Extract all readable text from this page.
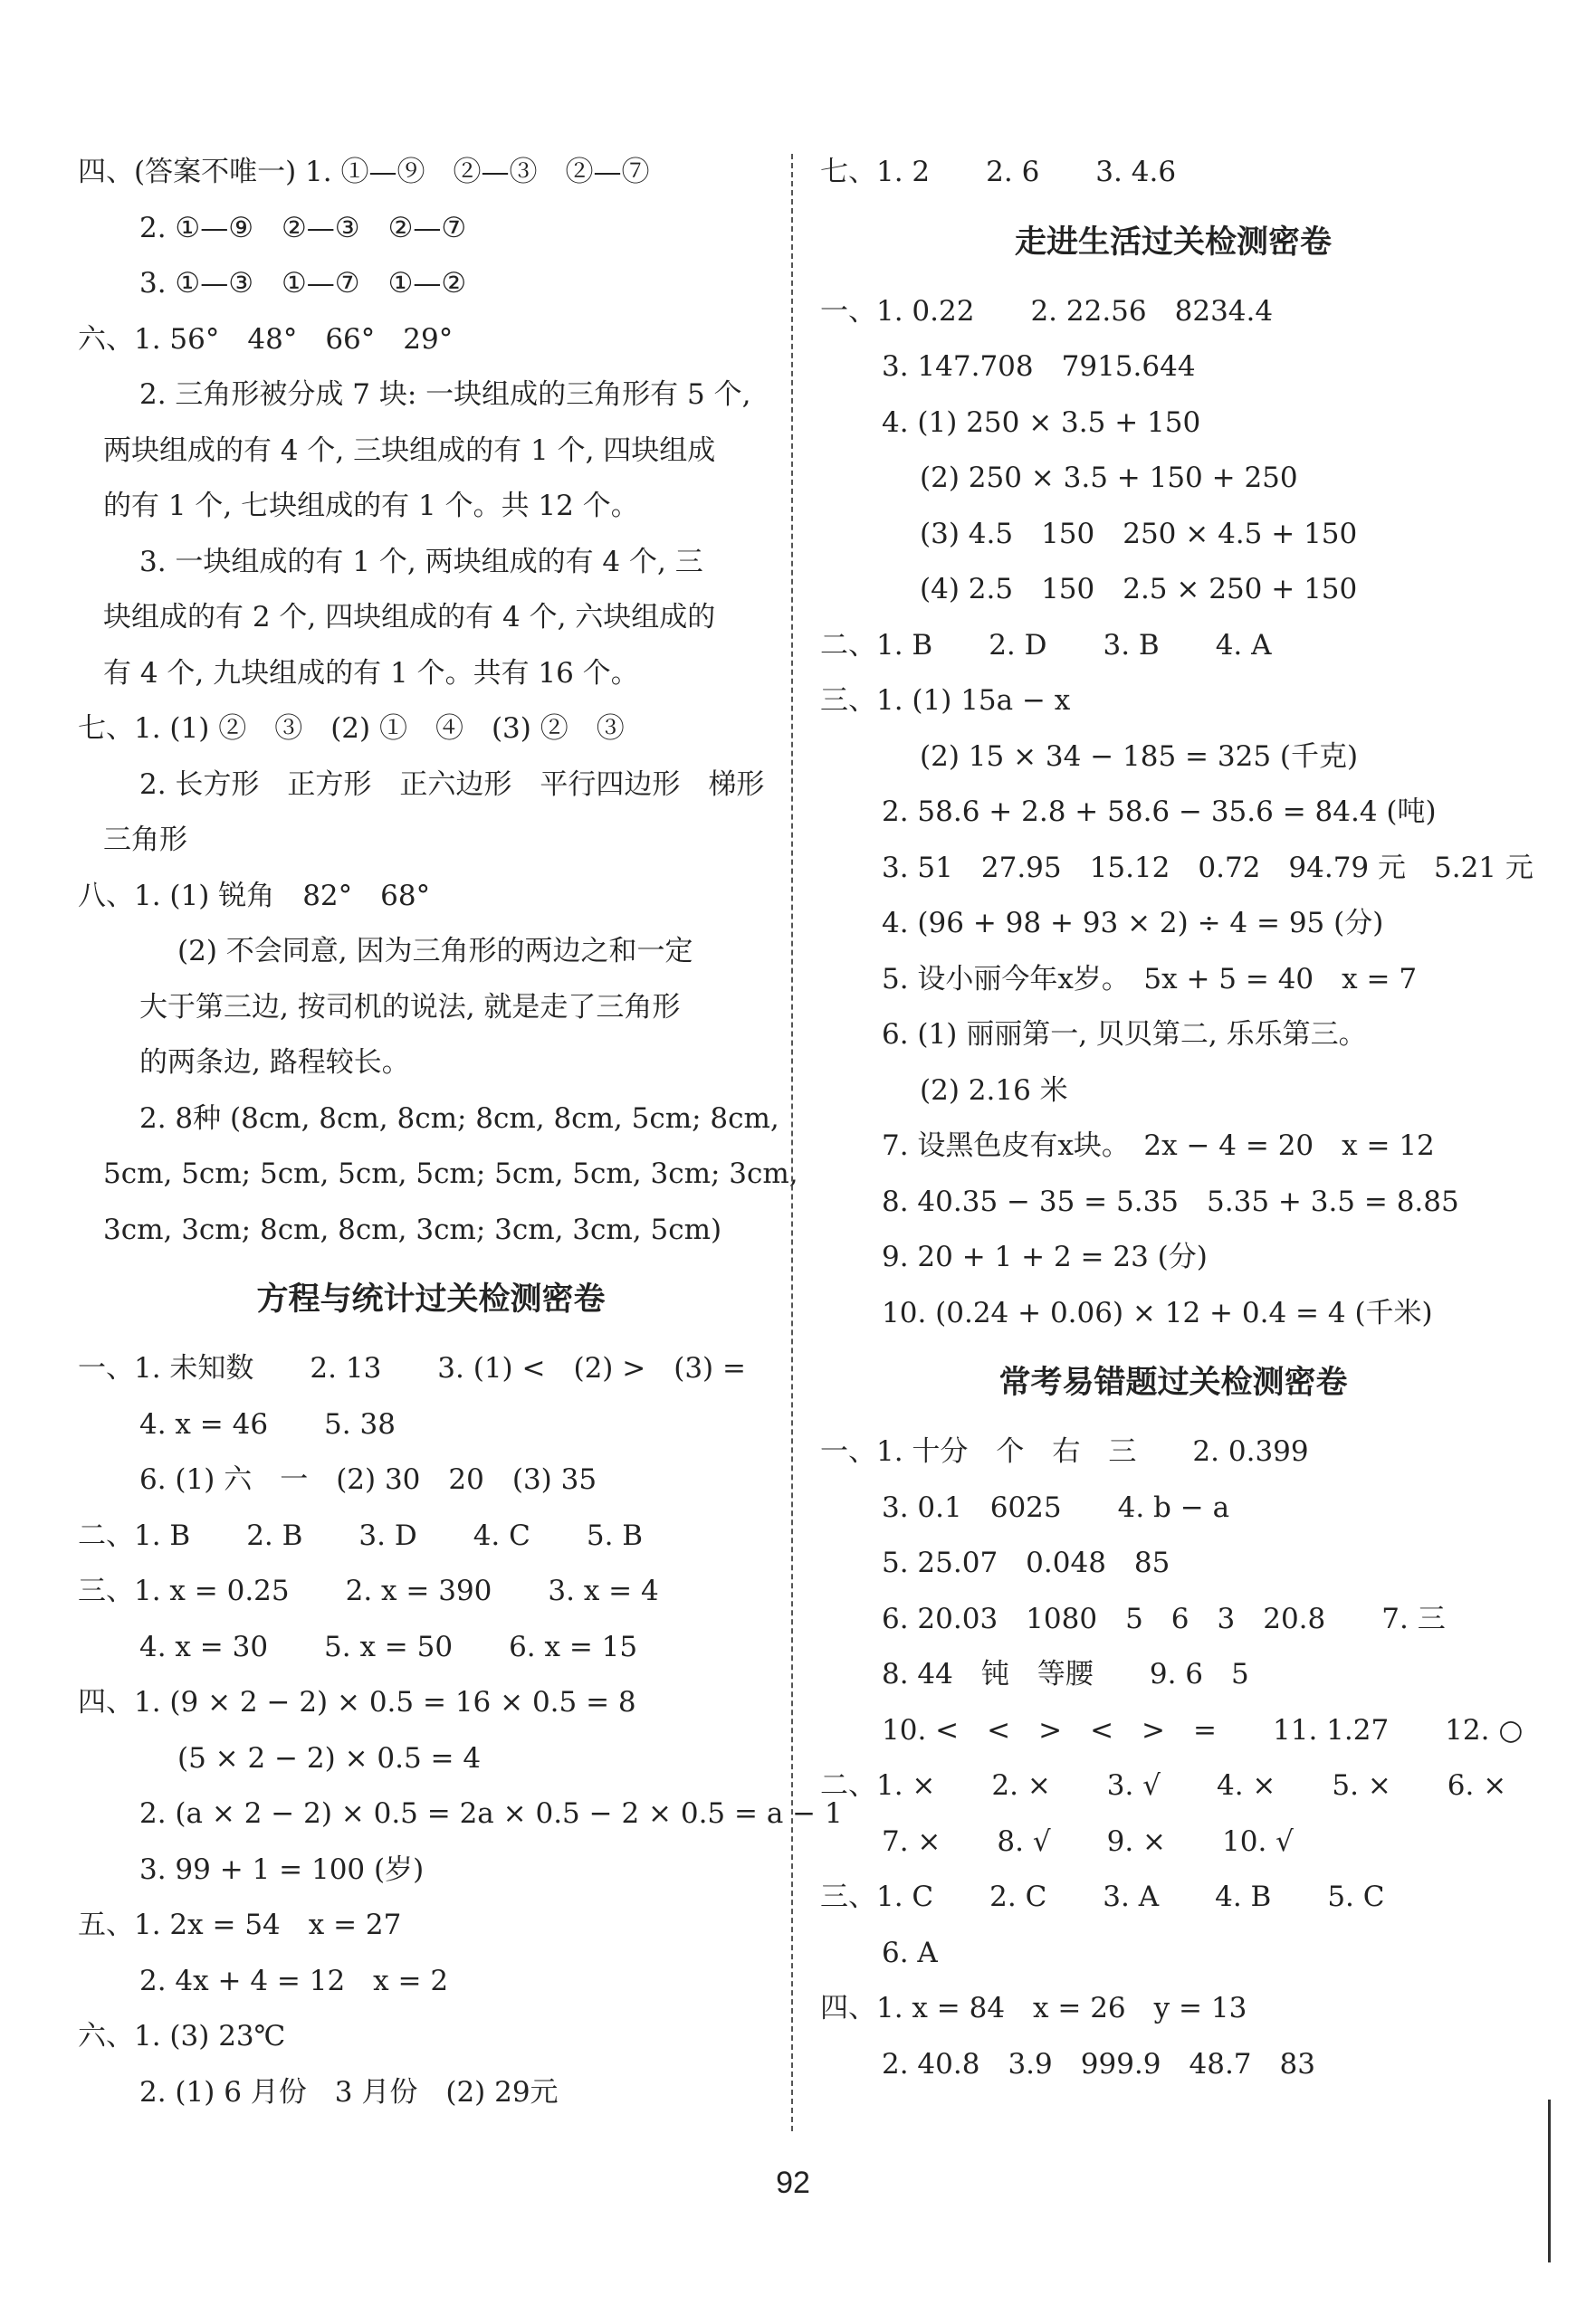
四、(答案不唯一) 1. ①—⑨　②—③　②—⑦
2. ①—⑨　②—③　②—⑦
3. ①—③　①—⑦　①—②
六、1. 56°　48°　66°　29°
2. 三角形被分成 7 块: 一块组成的三角形有 5 个,
两块组成的有 4 个, 三块组成的有 1 个, 四块组成
的有 1 个, 七块组成的有 1 个。共 12 个。
3. 一块组成的有 1 个, 两块组成的有 4 个, 三
块组成的有 2 个, 四块组成的有 4 个, 六块组成的
有 4 个, 九块组成的有 1 个。共有 16 个。
七、1. (1) ②　③　(2) ①　④　(3) ②　③
2. 长方形　正方形　正六边形　平行四边形　梯形
三角形
八、1. (1) 锐角　82°　68°
(2) 不会同意, 因为三角形的两边之和一定
大于第三边, 按司机的说法, 就是走了三角形
的两条边, 路程较长。
2. 8种 (8cm, 8cm, 8cm; 8cm, 8cm, 5cm; 8cm,
5cm, 5cm; 5cm, 5cm, 5cm; 5cm, 5cm, 3cm; 3cm,
3cm, 3cm; 8cm, 8cm, 3cm; 3cm, 3cm, 5cm)
方程与统计过关检测密卷
一、1. 未知数　　2. 13　　3. (1) <　(2) >　(3) =
4. x = 46　　5. 38
6. (1) 六　一　(2) 30　20　(3) 35
二、1. B　　2. B　　3. D　　4. C　　5. B
三、1. x = 0.25　　2. x = 390　　3. x = 4
4. x = 30　　5. x = 50　　6. x = 15
四、1. (9 × 2 − 2) × 0.5 = 16 × 0.5 = 8
(5 × 2 − 2) × 0.5 = 4
2. (a × 2 − 2) × 0.5 = 2a × 0.5 − 2 × 0.5 = a − 1
3. 99 + 1 = 100 (岁)
五、1. 2x = 54　x = 27
2. 4x + 4 = 12　x = 2
六、1. (3) 23℃
2. (1) 6 月份　3 月份　(2) 29元
七、1. 2　　2. 6　　3. 4.6
走进生活过关检测密卷
一、1. 0.22　　2. 22.56　8234.4
3. 147.708　7915.644
4. (1) 250 × 3.5 + 150
(2) 250 × 3.5 + 150 + 250
(3) 4.5　150　250 × 4.5 + 150
(4) 2.5　150　2.5 × 250 + 150
二、1. B　　2. D　　3. B　　4. A
三、1. (1) 15a − x
(2) 15 × 34 − 185 = 325 (千克)
2. 58.6 + 2.8 + 58.6 − 35.6 = 84.4 (吨)
3. 51　27.95　15.12　0.72　94.79 元　5.21 元
4. (96 + 98 + 93 × 2) ÷ 4 = 95 (分)
5. 设小丽今年x岁。　5x + 5 = 40　x = 7
6. (1) 丽丽第一, 贝贝第二, 乐乐第三。
(2) 2.16 米
7. 设黑色皮有x块。　2x − 4 = 20　x = 12
8. 40.35 − 35 = 5.35　5.35 + 3.5 = 8.85
9. 20 + 1 + 2 = 23 (分)
10. (0.24 + 0.06) × 12 + 0.4 = 4 (千米)
常考易错题过关检测密卷
一、1. 十分　个　右　三　　2. 0.399
3. 0.1　6025　　4. b − a
5. 25.07　0.048　85
6. 20.03　1080　5　6　3　20.8　　7. 三
8. 44　钝　等腰　　9. 6　5
10. <　<　>　<　>　=　　11. 1.27　　12. ○
二、1. ×　　2. ×　　3. √　　4. ×　　5. ×　　6. ×
7. ×　　8. √　　9. ×　　10. √
三、1. C　　2. C　　3. A　　4. B　　5. C
6. A
四、1. x = 84　x = 26　y = 13
2. 40.8　3.9　999.9　48.7　83
92
